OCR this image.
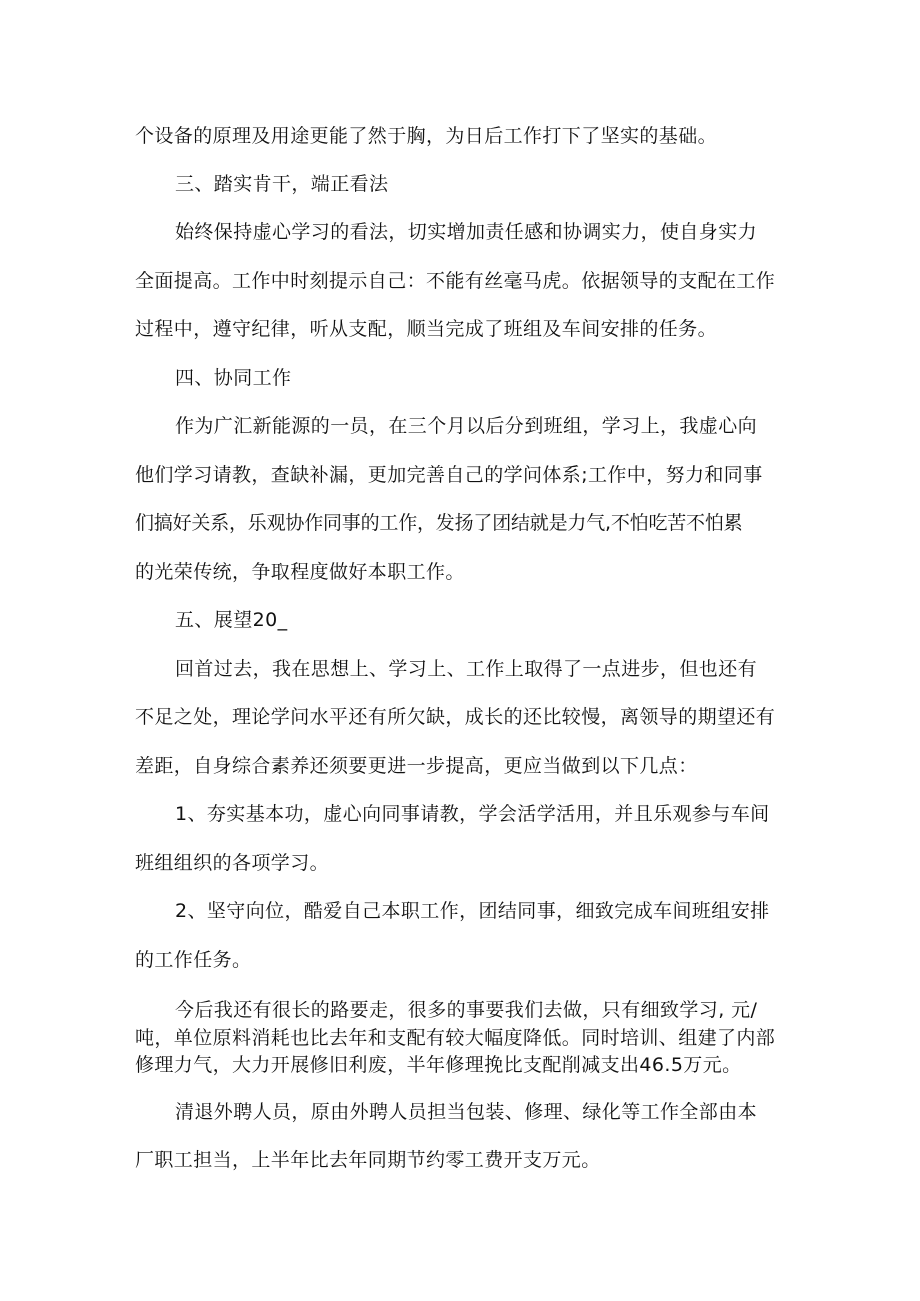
个设备的原理及用途更能了然于胸，为日后工作打下了坚实的基础。
三、踏实肯干，端正看法
始终保持虚心学习的看法，切实增加责任感和协调实力，使自身实力
全面提高。工作中时刻提示自己：不能有丝毫马虎。依据领导的支配在工作
过程中，遵守纪律，听从支配，顺当完成了班组及车间安排的任务。
四、协同工作
作为广汇新能源的一员，在三个月以后分到班组，学习上，我虚心向
他们学习请教，查缺补漏，更加完善自己的学问体系;工作中，努力和同事
们搞好关系，乐观协作同事的工作，发扬了团结就是力气,不怕吃苦不怕累
的光荣传统，争取程度做好本职工作。
五、展望20_
回首过去，我在思想上、学习上、工作上取得了一点进步，但也还有
不足之处，理论学问水平还有所欠缺，成长的还比较慢，离领导的期望还有
差距，自身综合素养还须要更进一步提高，更应当做到以下几点：
1、夯实基本功，虚心向同事请教，学会活学活用，并且乐观参与车间
班组组织的各项学习。
2、坚守向位，酷爱自己本职工作，团结同事，细致完成车间班组安排
的工作任务。
今后我还有很长的路要走，很多的事要我们去做，只有细致学习, 元/
吨，单位原料消耗也比去年和支配有较大幅度降低。同时培训、组建了内部
修理力气，大力开展修旧利废，半年修理挽比支配削减支出46.5万元。
清退外聘人员，原由外聘人员担当包装、修理、绿化等工作全部由本
厂职工担当，上半年比去年同期节约零工费开支万元。
